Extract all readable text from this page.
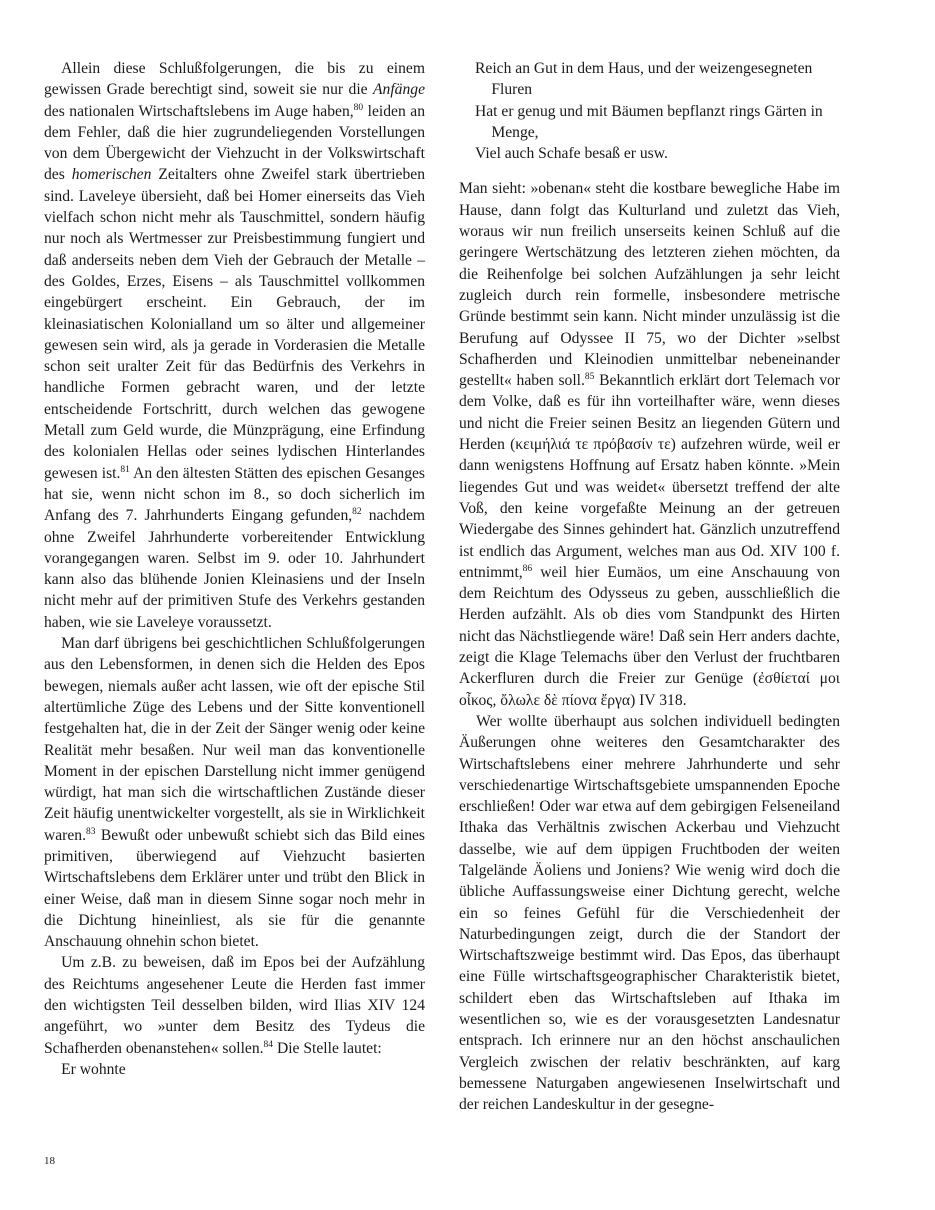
Allein diese Schlußfolgerungen, die bis zu einem gewissen Grade berechtigt sind, soweit sie nur die Anfänge des nationalen Wirtschaftslebens im Auge haben,$^{80}$ leiden an dem Fehler, daß die hier zugrundeliegenden Vorstellungen von dem Übergewicht der Viehzucht in der Volkswirtschaft des homerischen Zeitalters ohne Zweifel stark übertrieben sind. Laveleye übersieht, daß bei Homer einerseits das Vieh vielfach schon nicht mehr als Tauschmittel, sondern häufig nur noch als Wertmesser zur Preisbestimmung fungiert und daß anderseits neben dem Vieh der Gebrauch der Metalle – des Goldes, Erzes, Eisens – als Tauschmittel vollkommen eingebürgert erscheint. Ein Gebrauch, der im kleinasiatischen Kolonialland um so älter und allgemeiner gewesen sein wird, als ja gerade in Vorderasien die Metalle schon seit uralter Zeit für das Bedürfnis des Verkehrs in handliche Formen gebracht waren, und der letzte entscheidende Fortschritt, durch welchen das gewogene Metall zum Geld wurde, die Münzprägung, eine Erfindung des kolonialen Hellas oder seines lydischen Hinterlandes gewesen ist.$^{81}$ An den ältesten Stätten des epischen Gesanges hat sie, wenn nicht schon im 8., so doch sicherlich im Anfang des 7. Jahrhunderts Eingang gefunden,$^{82}$ nachdem ohne Zweifel Jahrhunderte vorbereitender Entwicklung vorangegangen waren. Selbst im 9. oder 10. Jahrhundert kann also das blühende Jonien Kleinasiens und der Inseln nicht mehr auf der primitiven Stufe des Verkehrs gestanden haben, wie sie Laveleye voraussetzt.

Man darf übrigens bei geschichtlichen Schlußfolgerungen aus den Lebensformen, in denen sich die Helden des Epos bewegen, niemals außer acht lassen, wie oft der epische Stil altertümliche Züge des Lebens und der Sitte konventionell festgehalten hat, die in der Zeit der Sänger wenig oder keine Realität mehr besaßen. Nur weil man das konventionelle Moment in der epischen Darstellung nicht immer genügend würdigt, hat man sich die wirtschaftlichen Zustände dieser Zeit häufig unentwickelter vorgestellt, als sie in Wirklichkeit waren.$^{83}$ Bewußt oder unbewußt schiebt sich das Bild eines primitiven, überwiegend auf Viehzucht basierten Wirtschaftslebens dem Erklärer unter und trübt den Blick in einer Weise, daß man in diesem Sinne sogar noch mehr in die Dichtung hineinliest, als sie für die genannte Anschauung ohnehin schon bietet.

Um z.B. zu beweisen, daß im Epos bei der Aufzählung des Reichtums angesehener Leute die Herden fast immer den wichtigsten Teil desselben bilden, wird Ilias XIV 124 angeführt, wo »unter dem Besitz des Tydeus die Schafherden obenanstehen« sollen.$^{84}$ Die Stelle lautet:

Er wohnte

Reich an Gut in dem Haus, und der weizengesegneten Fluren
Hat er genug und mit Bäumen bepflanzt rings Gärten in Menge,
Viel auch Schafe besaß er usw.

Man sieht: »obenan« steht die kostbare bewegliche Habe im Hause, dann folgt das Kulturland und zuletzt das Vieh, woraus wir nun freilich unserseits keinen Schluß auf die geringere Wertschätzung des letzteren ziehen möchten, da die Reihenfolge bei solchen Aufzählungen ja sehr leicht zugleich durch rein formelle, insbesondere metrische Gründe bestimmt sein kann. Nicht minder unzulässig ist die Berufung auf Odyssee II 75, wo der Dichter »selbst Schafherden und Kleinodien unmittelbar nebeneinander gestellt« haben soll.$^{85}$ Bekanntlich erklärt dort Telemach vor dem Volke, daß es für ihn vorteilhafter wäre, wenn dieses und nicht die Freier seinen Besitz an liegenden Gütern und Herden (κειμήλιά τε πρόβασίν τε) aufzehren würde, weil er dann wenigstens Hoffnung auf Ersatz haben könnte. »Mein liegendes Gut und was weidet« übersetzt treffend der alte Voß, den keine vorgefaßte Meinung an der getreuen Wiedergabe des Sinnes gehindert hat. Gänzlich unzutreffend ist endlich das Argument, welches man aus Od. XIV 100 f. entnimmt,$^{86}$ weil hier Eumäos, um eine Anschauung von dem Reichtum des Odysseus zu geben, ausschließlich die Herden aufzählt. Als ob dies vom Standpunkt des Hirten nicht das Nächstliegende wäre! Daß sein Herr anders dachte, zeigt die Klage Telemachs über den Verlust der fruchtbaren Ackerfluren durch die Freier zur Genüge (ἐσθίεταί μοι οἶκος, ὄλωλε δὲ πίονα ἔργα) IV 318.

Wer wollte überhaupt aus solchen individuell bedingten Äußerungen ohne weiteres den Gesamtcharakter des Wirtschaftslebens einer mehrere Jahrhunderte und sehr verschiedenartige Wirtschaftsgebiete umspannenden Epoche erschließen! Oder war etwa auf dem gebirgigen Felseneiland Ithaka das Verhältnis zwischen Ackerbau und Viehzucht dasselbe, wie auf dem üppigen Fruchtboden der weiten Talgelände Äoliens und Joniens? Wie wenig wird doch die übliche Auffassungsweise einer Dichtung gerecht, welche ein so feines Gefühl für die Verschiedenheit der Naturbedingungen zeigt, durch die der Standort der Wirtschaftszweige bestimmt wird. Das Epos, das überhaupt eine Fülle wirtschaftsgeographischer Charakteristik bietet, schildert eben das Wirtschaftsleben auf Ithaka im wesentlichen so, wie es der vorausgesetzten Landesnatur entsprach. Ich erinnere nur an den höchst anschaulichen Vergleich zwischen der relativ beschränkten, auf karg bemessene Naturgaben angewiesenen Inselwirtschaft und der reichen Landeskultur in der gesegne-

18
